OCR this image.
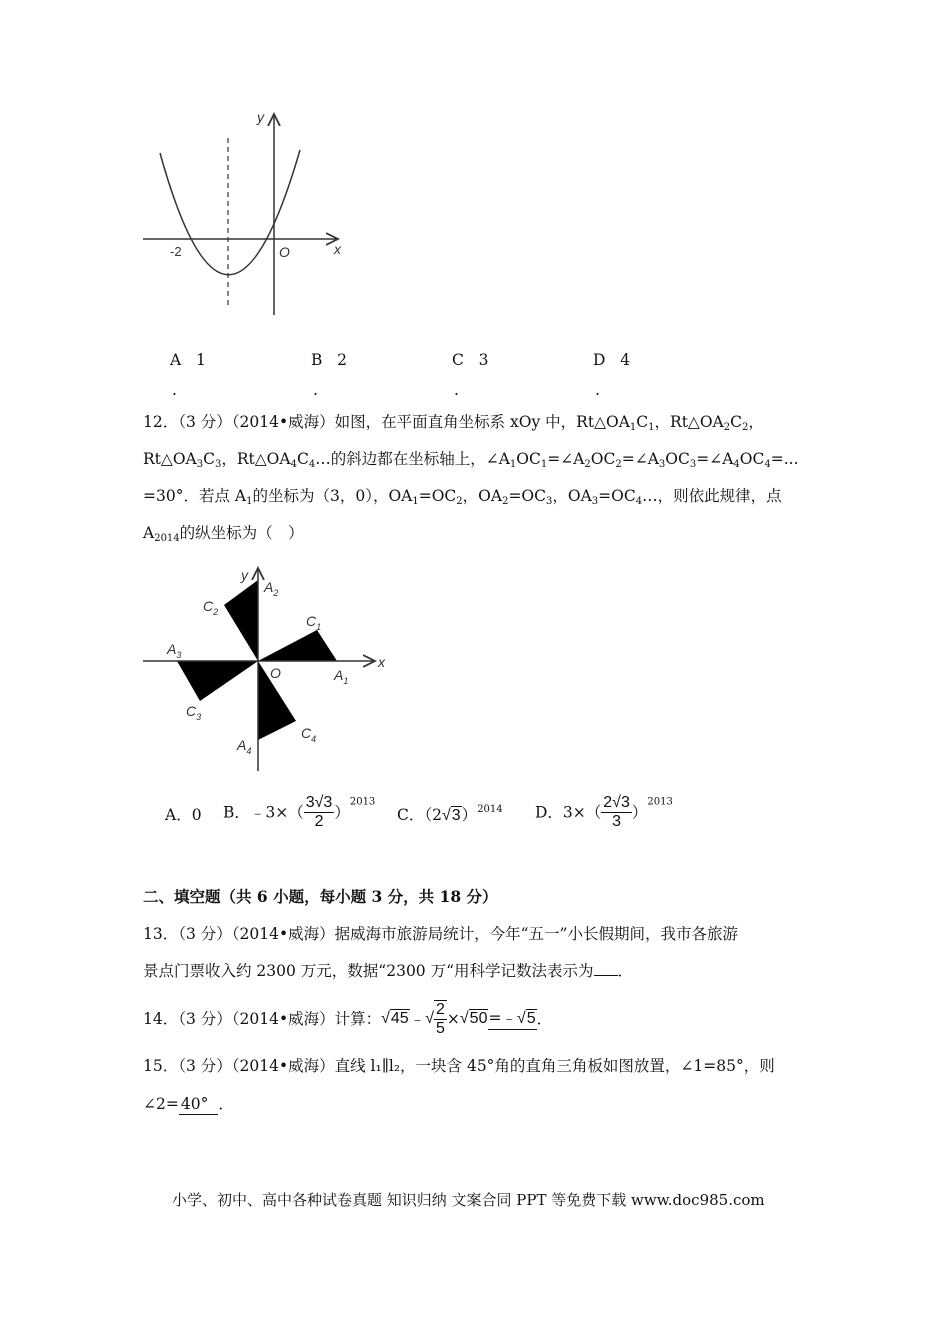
y
x
O
-2
A 1
.
B 2
.
C 3
.
D 4
.
12．（3 分）（2014•威海）如图，在平面直角坐标系 xOy 中，$Rt\triangle OA_1C_1$，$Rt\triangle OA_2C_2$，
$Rt\triangle OA_3C_3$，$Rt\triangle OA_4C_4\dots$的斜边都在坐标轴上，$\angle A_1OC_1=\angle A_2OC_2=\angle A_3OC_3=\angle A_4OC_4=$...
=30°．若点 $A_1$的坐标为（3，0），$OA_1=OC_2$，$OA_2=OC_3$，$OA_3=OC_4\dots$，则依此规律，点
$A_{2014}$的纵坐标为（　）
y
x
O
$A_2$
$C_2$
$C_1$
$A_1$
$A_3$
$C_3$
$C_4$
$A_4$
A．0 B．﹣3×（ $\frac{3√3}{2} )^{2013}$
C．$(2√3)^{2014}$ D．$3\times( \frac{2√3}{3} )^{2013}$
二、填空题（共 6 小题，每小题 3 分，共 18 分）
13．（3 分）（2014•威海）据威海市旅游局统计，今年“五一”小长假期间，我市各旅游
景点门票收入约 2300 万元，数据“2300 万“用科学记数法表示为 ．
14．（3 分）（2014•威海）计算：√45﹣√ $\frac{2}{5}$ ×√50=﹣√5．
15．（3 分）（2014•威海）直线 l₁∥l₂，一块含 45°角的直角三角板如图放置，∠1=85°，则
∠2= 40° ．
小学、初中、高中各种试卷真题 知识归纳 文案合同 PPT 等免费下载 www.doc985.com
